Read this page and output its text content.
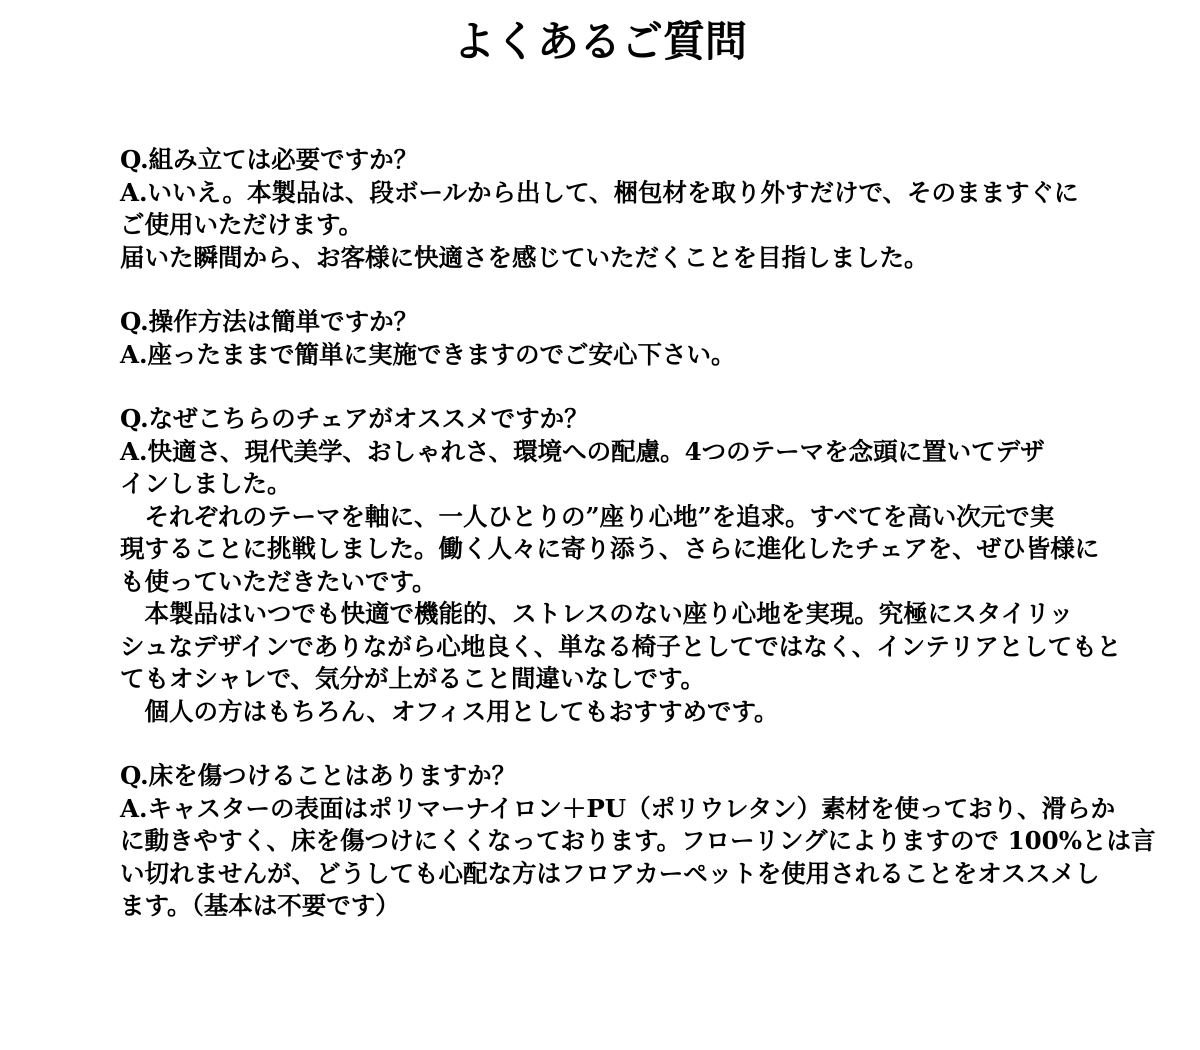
よくあるご質問
Q.組み立ては必要ですか？
A.いいえ。本製品は、段ボールから出して、梱包材を取り外すだけで、そのまますぐに
ご使用いただけます。
届いた瞬間から、お客様に快適さを感じていただくことを目指しました。
Q.操作方法は簡単ですか？
A.座ったままで簡単に実施できますのでご安心下さい。
Q.なぜこちらのチェアがオススメですか？
A.快適さ、現代美学、おしゃれさ、環境への配慮。4つのテーマを念頭に置いてデザ
インしました。
　それぞれのテーマを軸に、一人ひとりの”座り心地”を追求。すべてを高い次元で実
現することに挑戦しました。働く人々に寄り添う、さらに進化したチェアを、ぜひ皆様に
も使っていただきたいです。
　本製品はいつでも快適で機能的、ストレスのない座り心地を実現。究極にスタイリッ
シュなデザインでありながら心地良く、単なる椅子としてではなく、インテリアとしてもと
てもオシャレで、気分が上がること間違いなしです。
　個人の方はもちろん、オフィス用としてもおすすめです。
Q.床を傷つけることはありますか？
A.キャスターの表面はポリマーナイロン＋PU（ポリウレタン）素材を使っており、滑らか
に動きやすく、床を傷つけにくくなっております。フローリングによりますので 100%とは言
い切れませんが、どうしても心配な方はフロアカーペットを使用されることをオススメし
ます。（基本は不要です）
